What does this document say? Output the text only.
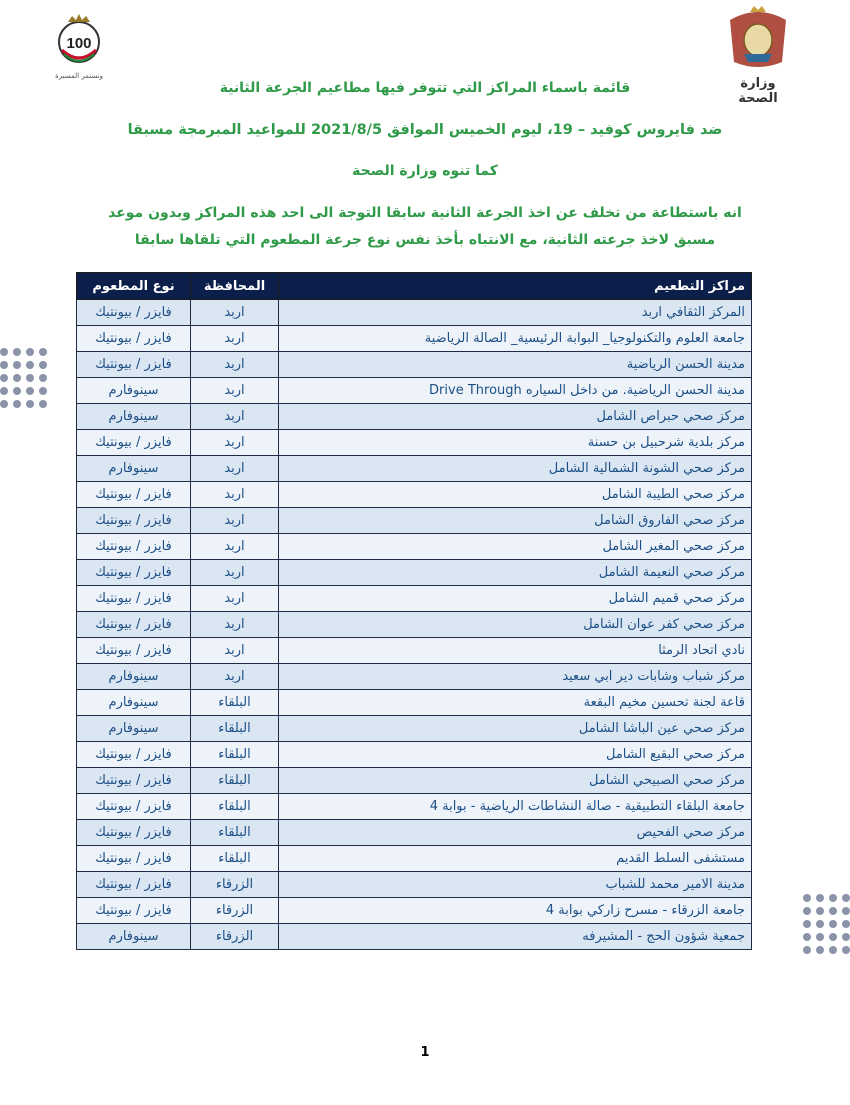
100
ونستمر المسيرة	وزارة الصحة
قائمة باسماء المراكز التي تتوفر فيها مطاعيم الجرعة الثانية
ضد فايروس كوفيد – 19، ليوم الخميس الموافق 2021/8/5 للمواعيد المبرمجة مسبقا
كما تنوه وزارة الصحة
انه باستطاعة من تخلف عن اخذ الجرعة الثانية سابقا التوجة الى احد هذه المراكز وبدون موعد
مسبق لاخذ جرعته الثانية، مع الانتباه بأخذ نفس نوع جرعة المطعوم التي تلقاها سابقا
مراكز التطعيم	المحافظة	نوع المطعوم
المركز الثقافي اربد	اربد	فايزر / بيونتيك
جامعة العلوم والتكنولوجيا_ البوابة الرئيسية_ الصالة الرياضية	اربد	فايزر / بيونتيك
مدينة الحسن الرياضية	اربد	فايزر / بيونتيك
مدينة الحسن الرياضية. من داخل السياره Drive Through	اربد	سينوفارم
مركز صحي حبراص الشامل	اربد	سينوفارم
مركز بلدية شرحبيل بن حسنة	اربد	فايزر / بيونتيك
مركز صحي الشونة الشمالية الشامل	اربد	سينوفارم
مركز صحي الطيبة الشامل	اربد	فايزر / بيونتيك
مركز صحي الفاروق الشامل	اربد	فايزر / بيونتيك
مركز صحي المغير الشامل	اربد	فايزر / بيونتيك
مركز صحي النعيمة الشامل	اربد	فايزر / بيونتيك
مركز صحي قميم الشامل	اربد	فايزر / بيونتيك
مركز صحي كفر عوان الشامل	اربد	فايزر / بيونتيك
نادي اتحاد الرمثا	اربد	فايزر / بيونتيك
مركز شباب وشابات دير ابي سعيد	اربد	سينوفارم
قاعة لجنة تحسين مخيم البقعة	البلقاء	سينوفارم
مركز صحي عين الباشا الشامل	البلقاء	سينوفارم
مركز صحي البقيع الشامل	البلقاء	فايزر / بيونتيك
مركز صحي الصبيحي الشامل	البلقاء	فايزر / بيونتيك
جامعة البلقاء التطبيقية - صالة النشاطات الرياضية - بوابة 4	البلقاء	فايزر / بيونتيك
مركز صحي الفحيص	البلقاء	فايزر / بيونتيك
مستشفى السلط القديم	البلقاء	فايزر / بيونتيك
مدينة الامير محمد للشباب	الزرقاء	فايزر / بيونتيك
جامعة الزرقاء - مسرح زاركي بوابة 4	الزرقاء	فايزر / بيونتيك
جمعية شؤون الحج - المشيرفه	الزرقاء	سينوفارم
1
